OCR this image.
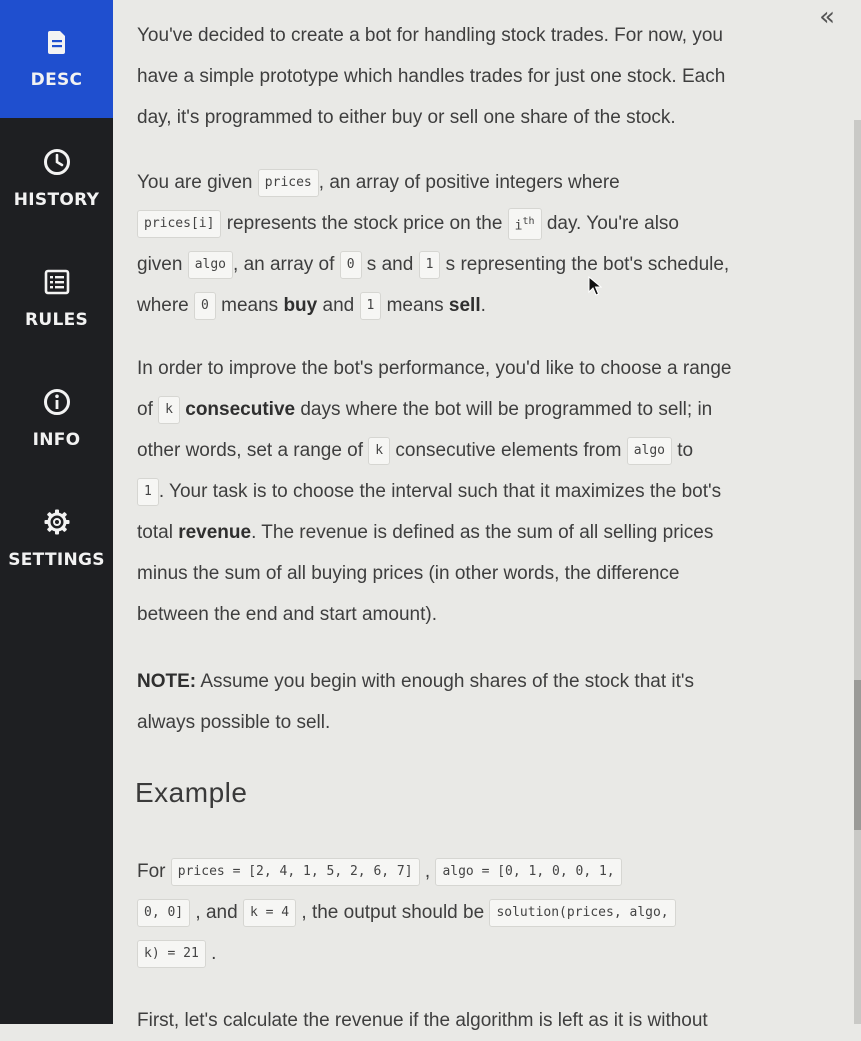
DESC
HISTORY
RULES
INFO
SETTINGS
«
You've decided to create a bot for handling stock trades. For now, you
have a simple prototype which handles trades for just one stock. Each
day, it's programmed to either buy or sell one share of the stock.
You are given prices , an array of positive integers where
prices[i] represents the stock price on the $i^{th}$ day. You're also
given algo , an array of 0 s and 1 s representing the bot's schedule,
where 0 means buy and 1 means sell.
In order to improve the bot's performance, you'd like to choose a range
of k consecutive days where the bot will be programmed to sell; in
other words, set a range of k consecutive elements from algo to
1 . Your task is to choose the interval such that it maximizes the bot's
total revenue. The revenue is defined as the sum of all selling prices
minus the sum of all buying prices (in other words, the difference
between the end and start amount).
NOTE: Assume you begin with enough shares of the stock that it's
always possible to sell.
Example
For prices = [2, 4, 1, 5, 2, 6, 7] , algo = [0, 1, 0, 0, 1,
0, 0] , and k = 4 , the output should be solution(prices, algo,
k) = 21 .
First, let's calculate the revenue if the algorithm is left as it is without
